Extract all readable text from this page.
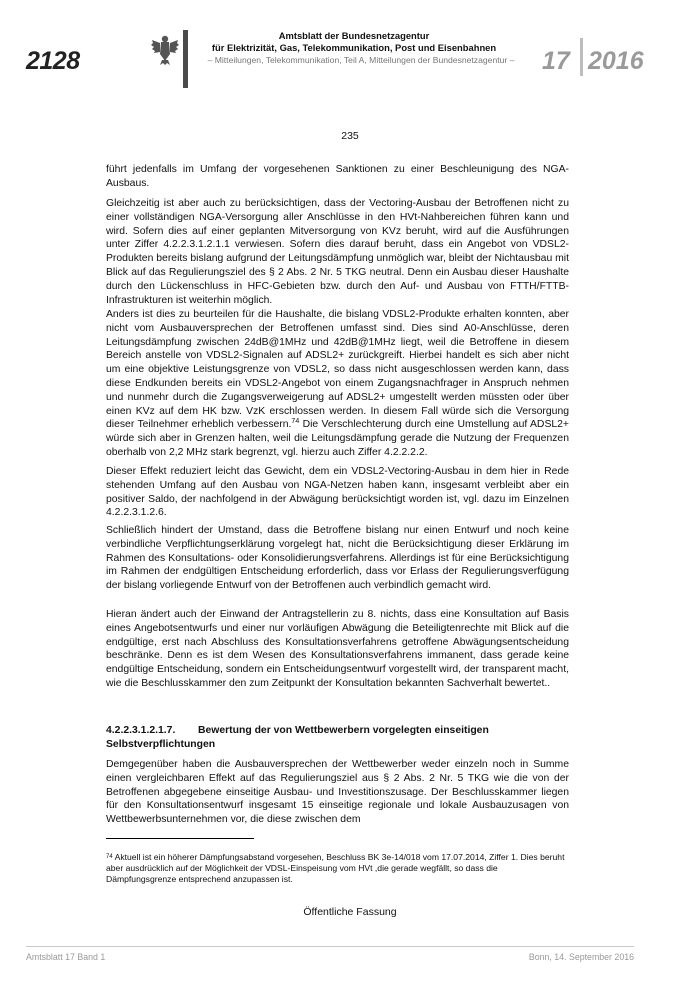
2128
Amtsblatt der Bundesnetzagentur
für Elektrizität, Gas, Telekommunikation, Post und Eisenbahnen
– Mitteilungen, Telekommunikation, Teil A, Mitteilungen der Bundesnetzagentur –	17 2016
235
führt jedenfalls im Umfang der vorgesehenen Sanktionen zu einer Beschleunigung des NGA-Ausbaus.
Gleichzeitig ist aber auch zu berücksichtigen, dass der Vectoring-Ausbau der Betroffenen nicht zu einer vollständigen NGA-Versorgung aller Anschlüsse in den HVt-Nahbereichen führen kann und wird. Sofern dies auf einer geplanten Mitversorgung von KVz beruht, wird auf die Ausführungen unter Ziffer 4.2.2.3.1.2.1.1 verwiesen. Sofern dies darauf beruht, dass ein Angebot von VDSL2-Produkten bereits bislang aufgrund der Leitungsdämpfung unmöglich war, bleibt der Nichtausbau mit Blick auf das Regulierungsziel des § 2 Abs. 2 Nr. 5 TKG neutral. Denn ein Ausbau dieser Haushalte durch den Lückenschluss in HFC-Gebieten bzw. durch den Auf- und Ausbau von FTTH/FTTB-Infrastrukturen ist weiterhin möglich.
Anders ist dies zu beurteilen für die Haushalte, die bislang VDSL2-Produkte erhalten konnten, aber nicht vom Ausbauversprechen der Betroffenen umfasst sind. Dies sind A0-Anschlüsse, deren Leitungsdämpfung zwischen 24dB@1MHz und 42dB@1MHz liegt, weil die Betroffene in diesem Bereich anstelle von VDSL2-Signalen auf ADSL2+ zurückgreift. Hierbei handelt es sich aber nicht um eine objektive Leistungsgrenze von VDSL2, so dass nicht ausgeschlossen werden kann, dass diese Endkunden bereits ein VDSL2-Angebot von einem Zugangsnachfrager in Anspruch nehmen und nunmehr durch die Zugangsverweigerung auf ADSL2+ umgestellt werden müssten oder über einen KVz auf dem HK bzw. VzK erschlossen werden. In diesem Fall würde sich die Versorgung dieser Teilnehmer erheblich verbessern.$^{74}$ Die Verschlechterung durch eine Umstellung auf ADSL2+ würde sich aber in Grenzen halten, weil die Leitungsdämpfung gerade die Nutzung der Frequenzen oberhalb von 2,2 MHz stark begrenzt, vgl. hierzu auch Ziffer 4.2.2.2.2.
Dieser Effekt reduziert leicht das Gewicht, dem ein VDSL2-Vectoring-Ausbau in dem hier in Rede stehenden Umfang auf den Ausbau von NGA-Netzen haben kann, insgesamt verbleibt aber ein positiver Saldo, der nachfolgend in der Abwägung berücksichtigt worden ist, vgl. dazu im Einzelnen 4.2.2.3.1.2.6.
Schließlich hindert der Umstand, dass die Betroffene bislang nur einen Entwurf und noch keine verbindliche Verpflichtungserklärung vorgelegt hat, nicht die Berücksichtigung dieser Erklärung im Rahmen des Konsultations- oder Konsolidierungsverfahrens. Allerdings ist für eine Berücksichtigung im Rahmen der endgültigen Entscheidung erforderlich, dass vor Erlass der Regulierungsverfügung der bislang vorliegende Entwurf von der Betroffenen auch verbindlich gemacht wird.
Hieran ändert auch der Einwand der Antragstellerin zu 8. nichts, dass eine Konsultation auf Basis eines Angebotsentwurfs und einer nur vorläufigen Abwägung die Beteiligtenrechte mit Blick auf die endgültige, erst nach Abschluss des Konsultationsverfahrens getroffene Abwägungsentscheidung beschränke. Denn es ist dem Wesen des Konsultationsverfahrens immanent, dass gerade keine endgültige Entscheidung, sondern ein Entscheidungsentwurf vorgestellt wird, der transparent macht, wie die Beschlusskammer den zum Zeitpunkt der Konsultation bekannten Sachverhalt bewertet..
4.2.2.3.1.2.1.7. Bewertung der von Wettbewerbern vorgelegten einseitigen Selbstverpflichtungen
Demgegenüber haben die Ausbauversprechen der Wettbewerber weder einzeln noch in Summe einen vergleichbaren Effekt auf das Regulierungsziel aus § 2 Abs. 2 Nr. 5 TKG wie die von der Betroffenen abgegebene einseitige Ausbau- und Investitionszusage. Der Beschlusskammer liegen für den Konsultationsentwurf insgesamt 15 einseitige regionale und lokale Ausbauzusagen von Wettbewerbsunternehmen vor, die diese zwischen dem
$^{74}$ Aktuell ist ein höherer Dämpfungsabstand vorgesehen, Beschluss BK 3e-14/018 vom 17.07.2014, Ziffer 1. Dies beruht aber ausdrücklich auf der Möglichkeit der VDSL-Einspeisung vom HVt ,die gerade wegfällt, so dass die Dämpfungsgrenze entsprechend anzupassen ist.
Öffentliche Fassung
Amtsblatt 17 Band 1	Bonn, 14. September 2016
